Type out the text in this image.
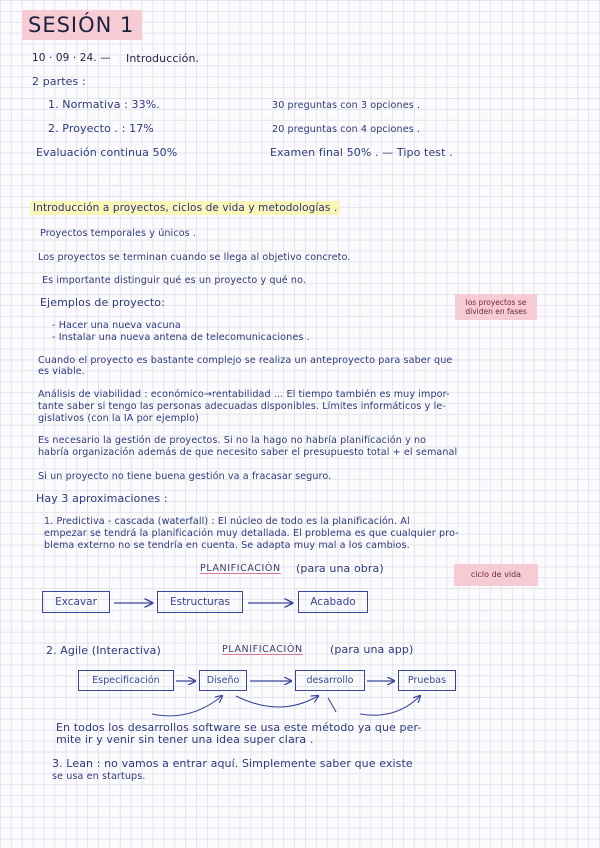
SESIÓN 1
10 · 09 · 24. — Introducción.
2 partes :
1. Normativa : 33%.	30 preguntas con 3 opciones .
2. Proyecto . : 17%	20 preguntas con 4 opciones .
Evaluación continua 50%	Examen final 50% . — Tipo test .
Introducción a proyectos, ciclos de vida y metodologías .
Proyectos temporales y únicos .
Los proyectos se terminan cuando se llega al objetivo concreto.
Es importante distinguir qué es un proyecto y qué no.
Ejemplos de proyecto:
- Hacer una nueva vacuna
- Instalar una nueva antena de telecomunicaciones .
los proyectos se dividen en fases
Cuando el proyecto es bastante complejo se realiza un anteproyecto para saber que
es viable.
Análisis de viabilidad : económico→rentabilidad ... El tiempo también es muy impor-
tante saber si tengo las personas adecuadas disponibles. Límites informáticos y le-
gislativos (con la IA por ejemplo)
Es necesario la gestión de proyectos. Si no la hago no habría planificación y no
habría organización además de que necesito saber el presupuesto total + el semanal
Si un proyecto no tiene buena gestión va a fracasar seguro.
Hay 3 aproximaciones :
1. Predictiva - cascada (waterfall) : El núcleo de todo es la planificación. Al
empezar se tendrá la planificación muy detallada. El problema es que cualquier pro-
blema externo no se tendría en cuenta. Se adapta muy mal a los cambios.
PLANIFICACIÓN (para una obra)	ciclo de vida
Excavar	Estructuras	Acabado
2. Agile (Interactiva)	PLANIFICACIÓN (para una app)
Especificación	Diseño	desarrollo	Pruebas
En todos los desarrollos software se usa este método ya que per-
mite ir y venir sin tener una idea super clara .
3. Lean : no vamos a entrar aquí. Simplemente saber que existe
se usa en startups.
